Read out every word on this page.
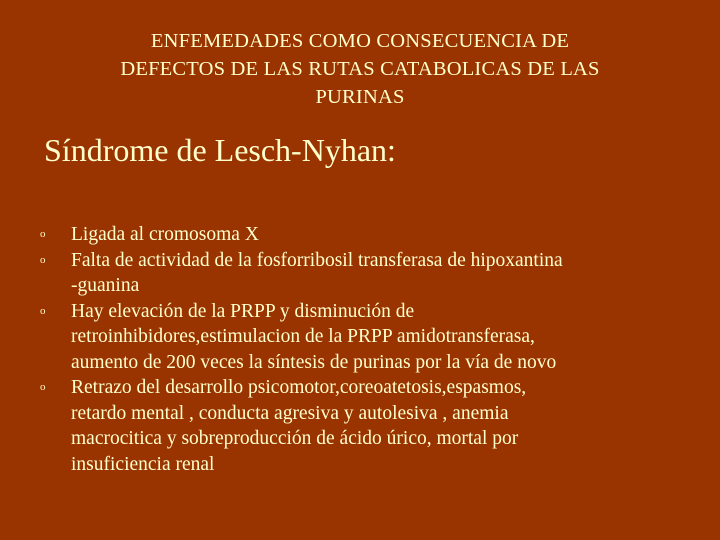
ENFEMEDADES COMO CONSECUENCIA DE
DEFECTOS DE LAS RUTAS CATABOLICAS DE LAS
PURINAS
Síndrome de Lesch-Nyhan:
o Ligada al cromosoma X
o Falta de actividad de la fosforribosil transferasa de hipoxantina
-guanina
o Hay elevación de la PRPP y disminución de
retroinhibidores,estimulacion de la PRPP amidotransferasa,
aumento de 200 veces la síntesis de purinas por la vía de novo
o Retrazo del desarrollo psicomotor,coreoatetosis,espasmos,
retardo mental , conducta agresiva y autolesiva , anemia
macrocitica y sobreproducción de ácido úrico, mortal por
insuficiencia renal
